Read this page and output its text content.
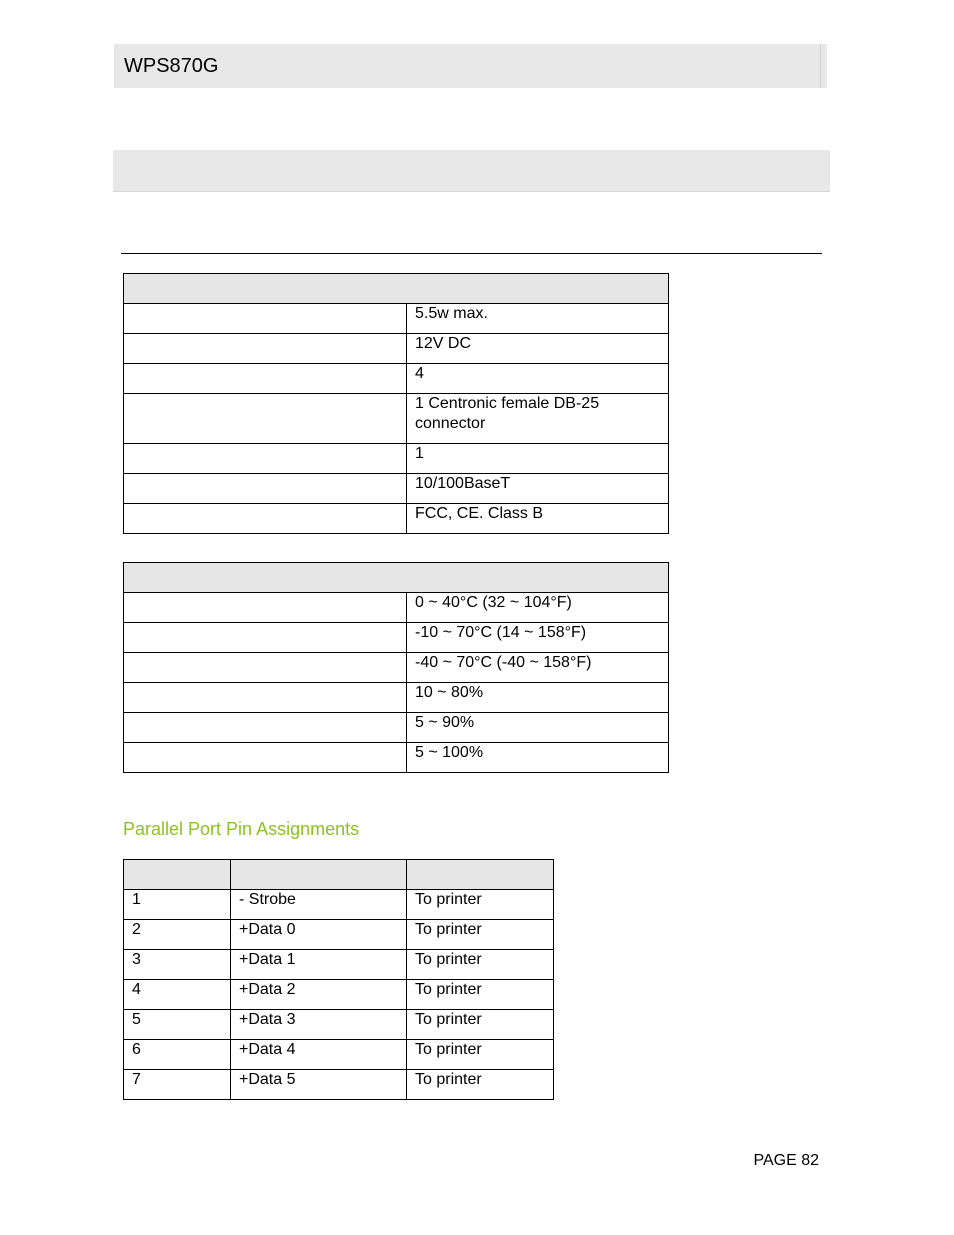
WPS870G

	5.5w max.
	12V DC
	4
	1 Centronic female DB-25 connector
	1
	10/100BaseT
	FCC, CE. Class B

	0 ~ 40°C (32 ~ 104°F)
	-10 ~ 70°C (14 ~ 158°F)
	-40 ~ 70°C (-40 ~ 158°F)
	10 ~ 80%
	5 ~ 90%
	5 ~ 100%
Parallel Port Pin Assignments

1	- Strobe	To printer
2	+Data 0	To printer
3	+Data 1	To printer
4	+Data 2	To printer
5	+Data 3	To printer
6	+Data 4	To printer
7	+Data 5	To printer
PAGE 82
